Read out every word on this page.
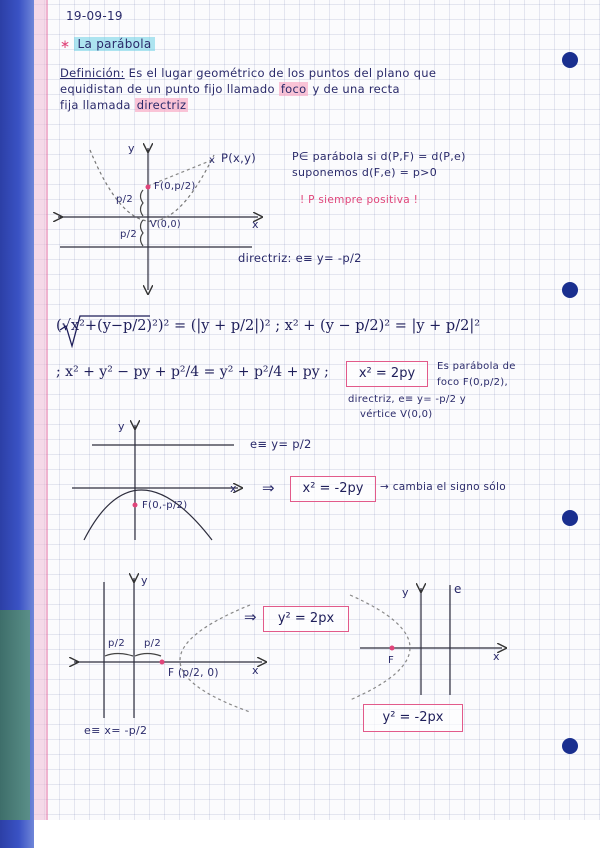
19-09-19
∗ La parábola
Definición: Es el lugar geométrico de los puntos del plano que
equidistan de un punto fijo llamado foco y de una recta
fija llamada directriz
x
y
x
P(x,y)
F(0,p/2)
V(0,0)
p/2
p/2
directriz: e≡ y= -p/2
P∈ parábola si d(P,F) = d(P,e)
suponemos d(F,e) = p>0
! P siempre positiva !
(√x²+(y−p/2)²)² = (|y + p/2|)² ; x² + (y − p/2)² = |y + p/2|²
; x² + y² − py + p²/4 = y² + p²/4 + py ;	x² = 2py	Es parábola de
foco F(0,p/2),
directriz, e≡ y= -p/2 y
vértice V(0,0)
y
x
e≡ y= p/2
F(0,-p/2)
⇒	x² = -2py	→ cambia el signo sólo
y
x
p/2 p/2
F (p/2, 0)
e≡ x= -p/2
⇒	y² = 2px
y
x
e
F
y² = -2px
